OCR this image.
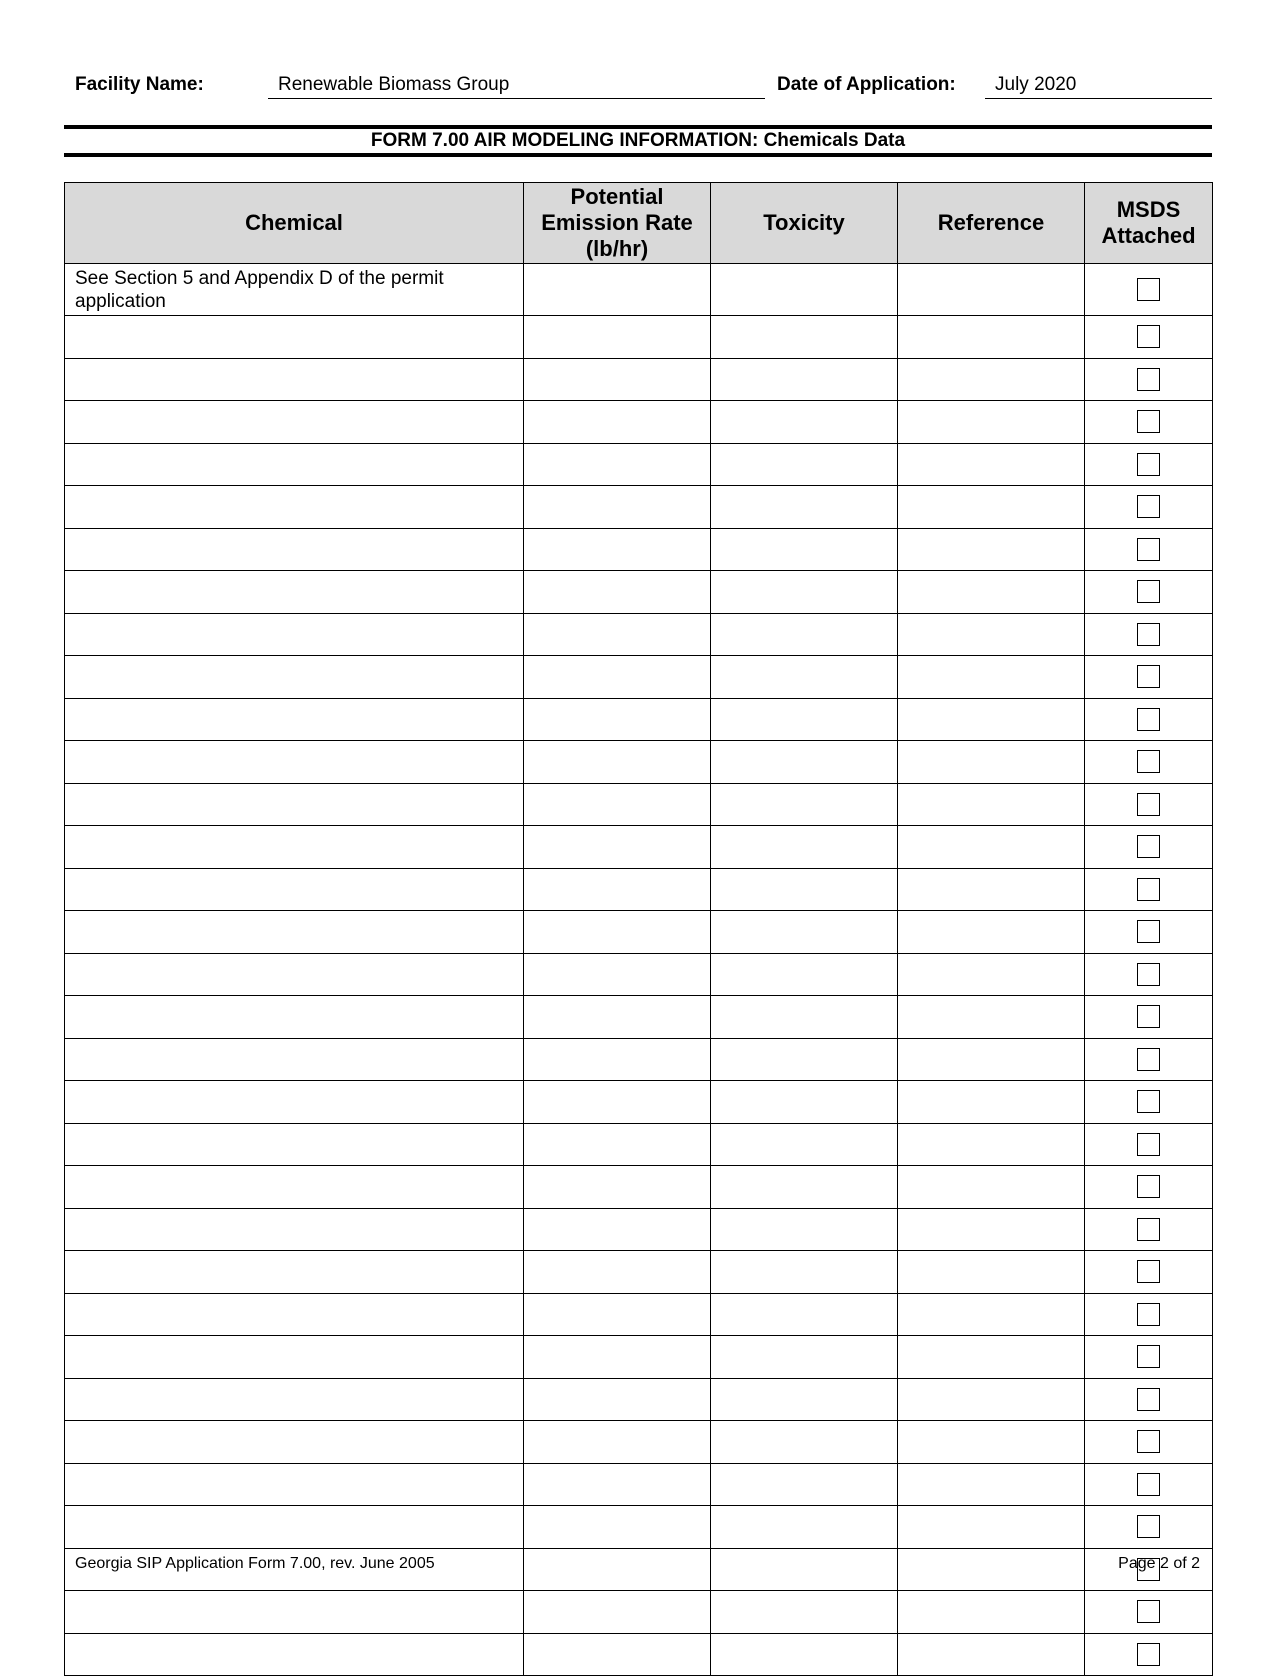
Facility Name:	Renewable Biomass Group	Date of Application:	July 2020
FORM 7.00 AIR MODELING INFORMATION: Chemicals Data
Chemical	Potential Emission Rate (lb/hr)	Toxicity	Reference	MSDS Attached
See Section 5 and Appendix D of the permit application				

Georgia SIP Application Form 7.00, rev. June 2005	Page 2 of 2
